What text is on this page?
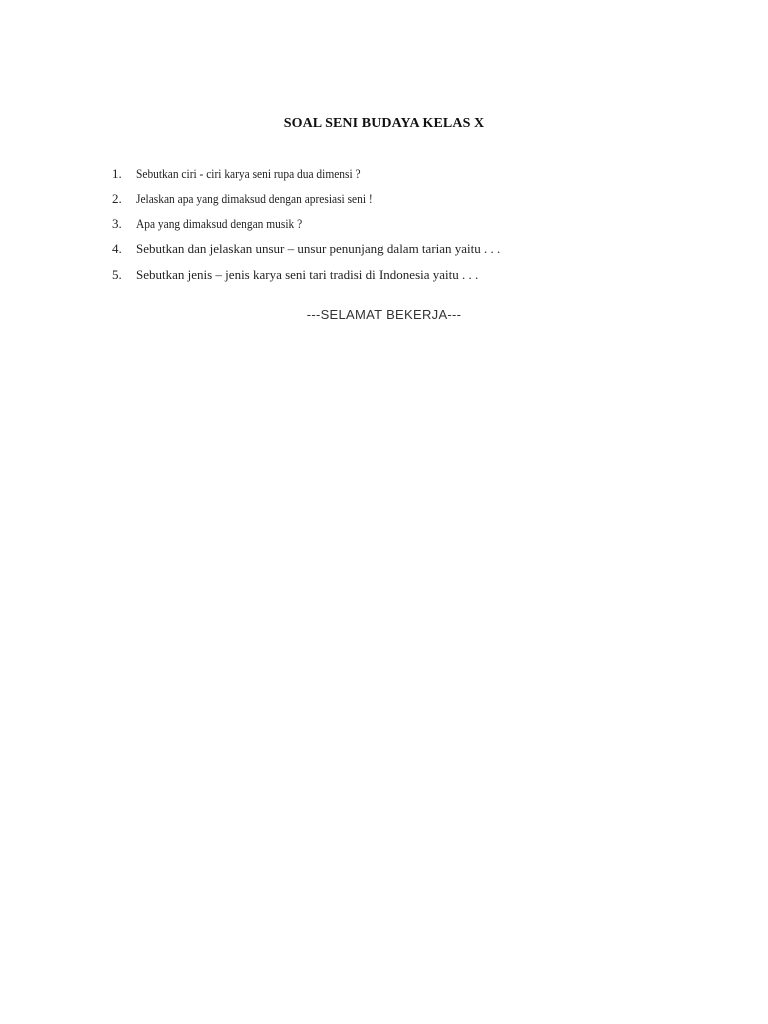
SOAL SENI BUDAYA KELAS X
1.	Sebutkan ciri - ciri karya seni rupa dua dimensi ?
2.	Jelaskan apa yang dimaksud dengan apresiasi seni !
3.	Apa yang dimaksud dengan musik ?
4.	Sebutkan dan jelaskan unsur – unsur penunjang dalam tarian yaitu . . .
5.	Sebutkan jenis – jenis karya seni tari tradisi di Indonesia yaitu . . .
---SELAMAT BEKERJA---
